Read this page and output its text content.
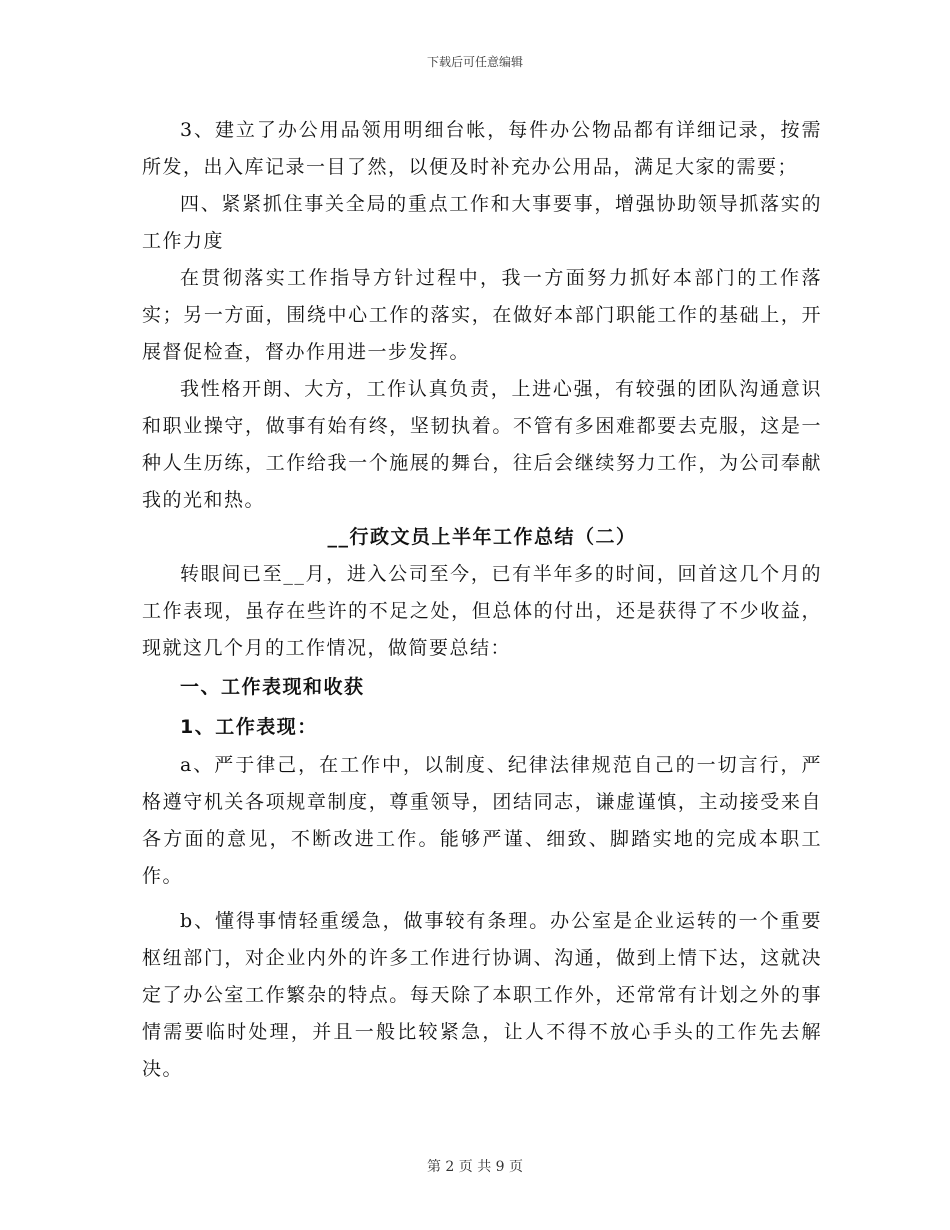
下载后可任意编辑

3、建立了办公用品领用明细台帐，每件办公物品都有详细记录，按需所发，出入库记录一目了然，以便及时补充办公用品，满足大家的需要；

四、紧紧抓住事关全局的重点工作和大事要事，增强协助领导抓落实的工作力度

在贯彻落实工作指导方针过程中，我一方面努力抓好本部门的工作落实；另一方面，围绕中心工作的落实，在做好本部门职能工作的基础上，开展督促检查，督办作用进一步发挥。

我性格开朗、大方，工作认真负责，上进心强，有较强的团队沟通意识和职业操守，做事有始有终，坚韧执着。不管有多困难都要去克服，这是一种人生历练，工作给我一个施展的舞台，往后会继续努力工作，为公司奉献我的光和热。

__行政文员上半年工作总结（二）

转眼间已至__月，进入公司至今，已有半年多的时间，回首这几个月的工作表现，虽存在些许的不足之处，但总体的付出，还是获得了不少收益，现就这几个月的工作情况，做简要总结：

一、工作表现和收获

1、工作表现：

a、严于律己，在工作中，以制度、纪律法律规范自己的一切言行，严格遵守机关各项规章制度，尊重领导，团结同志，谦虚谨慎，主动接受来自各方面的意见，不断改进工作。能够严谨、细致、脚踏实地的完成本职工作。

b、懂得事情轻重缓急，做事较有条理。办公室是企业运转的一个重要枢纽部门，对企业内外的许多工作进行协调、沟通，做到上情下达，这就决定了办公室工作繁杂的特点。每天除了本职工作外，还常常有计划之外的事情需要临时处理，并且一般比较紧急，让人不得不放心手头的工作先去解决。

第 2 页 共 9 页
